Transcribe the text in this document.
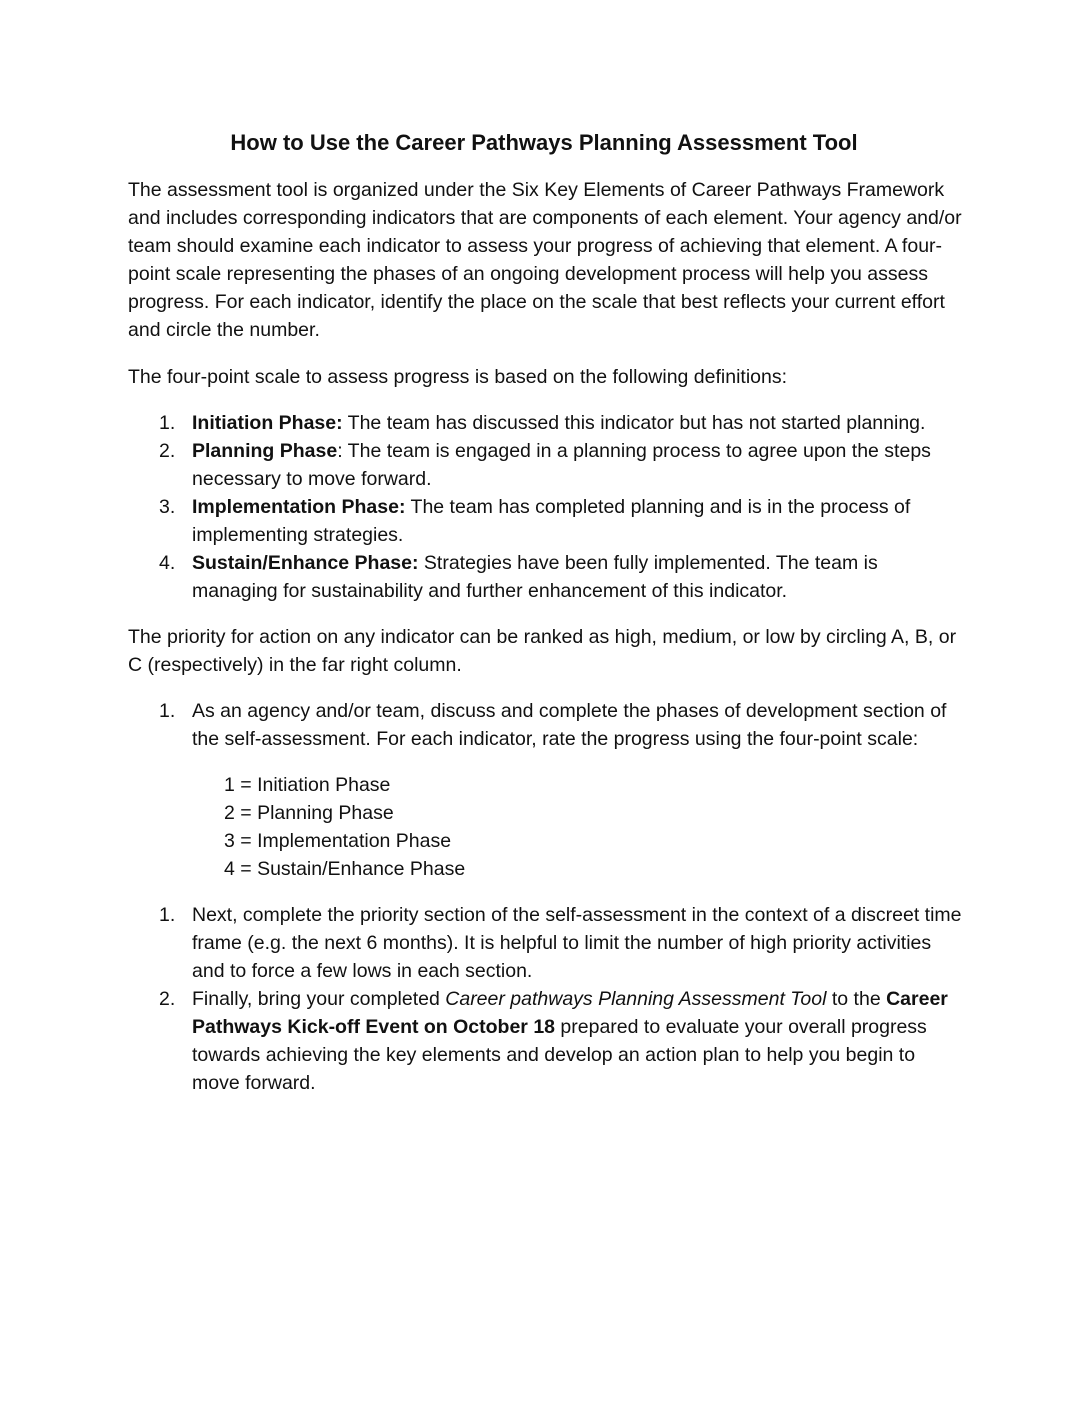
How to Use the Career Pathways Planning Assessment Tool

The assessment tool is organized under the Six Key Elements of Career Pathways Framework and includes corresponding indicators that are components of each element. Your agency and/or team should examine each indicator to assess your progress of achieving that element. A four-point scale representing the phases of an ongoing development process will help you assess progress. For each indicator, identify the place on the scale that best reflects your current effort and circle the number.

The four-point scale to assess progress is based on the following definitions:

1. Initiation Phase: The team has discussed this indicator but has not started planning.
2. Planning Phase: The team is engaged in a planning process to agree upon the steps necessary to move forward.
3. Implementation Phase: The team has completed planning and is in the process of implementing strategies.
4. Sustain/Enhance Phase: Strategies have been fully implemented. The team is managing for sustainability and further enhancement of this indicator.

The priority for action on any indicator can be ranked as high, medium, or low by circling A, B, or C (respectively) in the far right column.

1. As an agency and/or team, discuss and complete the phases of development section of the self-assessment. For each indicator, rate the progress using the four-point scale:
1 = Initiation Phase
2 = Planning Phase
3 = Implementation Phase
4 = Sustain/Enhance Phase
1. Next, complete the priority section of the self-assessment in the context of a discreet time frame (e.g. the next 6 months). It is helpful to limit the number of high priority activities and to force a few lows in each section.
2. Finally, bring your completed Career pathways Planning Assessment Tool to the Career Pathways Kick-off Event on October 18 prepared to evaluate your overall progress towards achieving the key elements and develop an action plan to help you begin to move forward.
